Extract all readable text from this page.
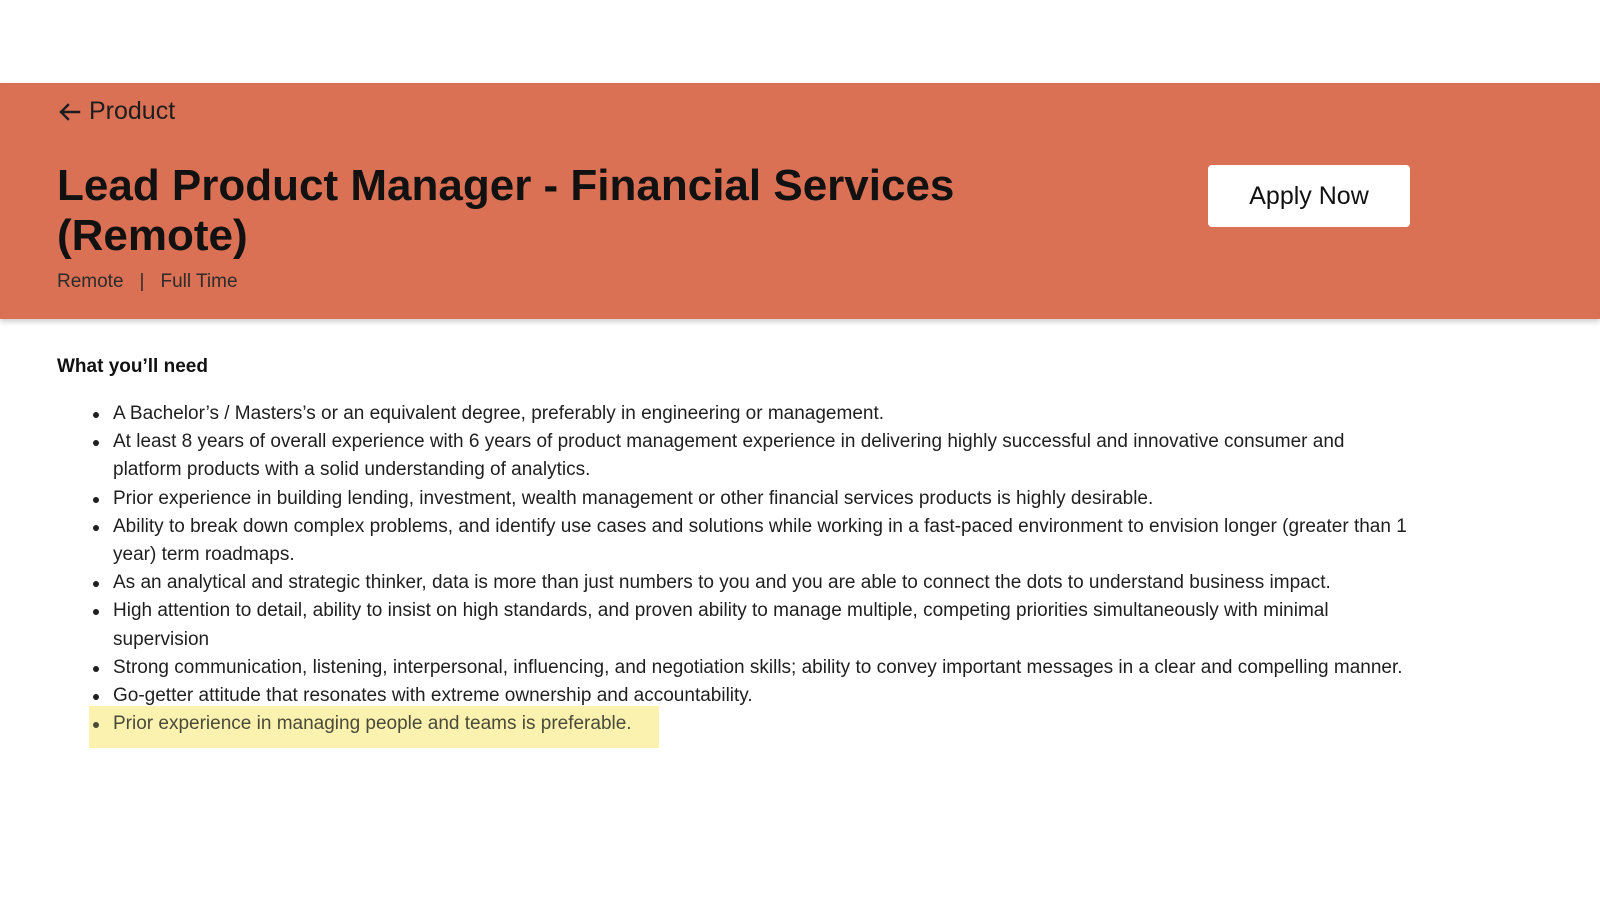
Product
Lead Product Manager - Financial Services (Remote)
Remote | Full Time
Apply Now
What you’ll need
A Bachelor’s / Masters’s or an equivalent degree, preferably in engineering or management.
At least 8 years of overall experience with 6 years of product management experience in delivering highly successful and innovative consumer and platform products with a solid understanding of analytics.
Prior experience in building lending, investment, wealth management or other financial services products is highly desirable.
Ability to break down complex problems, and identify use cases and solutions while working in a fast-paced environment to envision longer (greater than 1 year) term roadmaps.
As an analytical and strategic thinker, data is more than just numbers to you and you are able to connect the dots to understand business impact.
High attention to detail, ability to insist on high standards, and proven ability to manage multiple, competing priorities simultaneously with minimal supervision
Strong communication, listening, interpersonal, influencing, and negotiation skills; ability to convey important messages in a clear and compelling manner.
Go-getter attitude that resonates with extreme ownership and accountability.
Prior experience in managing people and teams is preferable.
